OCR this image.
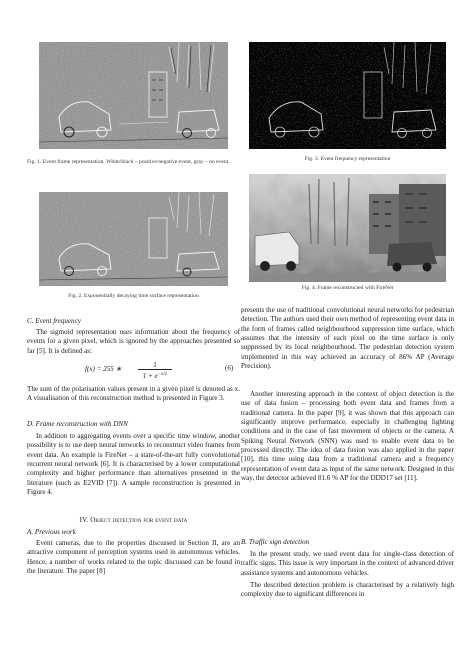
Fig. 1. Event frame representation. White/black – positive/negative event, gray – no event.
Fig. 2. Exponentially decaying time surface representation
C. Event frequency
The sigmoid representation uses information about the frequency of events for a given pixel, which is ignored by the approaches presented so far [5]. It is defined as:
f(x) = 255 ∗ $\frac{1}{1 + e^{-x/2}}$	(6)
The sum of the polarisation values present in a given pixel is denoted as x. A visualisation of this reconstruction method is presented in Figure 3.
D. Frame reconstruction with DNN
In addition to aggregating events over a specific time window, another possibility is to use deep neural networks to reconstruct video frames from event data. An example is FireNet – a state-of-the-art fully convolutional recurrent neural network [6]. It is characterised by a lower computational complexity and higher performance than alternatives presented in the literature (such as E2VID [7]). A sample reconstruction is presented in Figure 4.
IV. Object detection for event data
A. Previous work
Event cameras, due to the properties discussed in Section II, are an attractive component of perception systems used in autonomous vehicles. Hence, a number of works related to the topic discussed can be found in the literature. The paper [8]
Fig. 3. Event frequency representation
Fig. 4. Frame reconstructed with FireNet
presents the use of traditional convolutional neural networks for pedestrian detection. The authors used their own method of representing event data in the form of frames called neighbourhood suppression time surface, which assumes that the intensity of each pixel on the time surface is only suppressed by its local neighbourhood. The pedestrian detection system implemented in this way achieved an accuracy of 86% AP (Average Precision).
Another interesting approach in the context of object detection is the use of data fusion – processing both event data and frames from a traditional camera. In the paper [9], it was shown that this approach can significantly improve performance, especially in challenging lighting conditions and in the case of fast movement of objects or the camera. A Spiking Neural Network (SNN) was used to enable event data to be processed directly. The idea of data fusion was also applied in the paper [10], this time using data from a traditional camera and a frequency representation of event data as input of the same network. Designed in this way, the detector achieved 81.6 % AP for the DDD17 set [11].
B. Traffic sign detection
In the present study, we used event data for single-class detection of traffic signs. This issue is very important in the context of advanced driver assistance systems and autonomous vehicles.
The described detection problem is characterised by a relatively high complexity due to significant differences in
